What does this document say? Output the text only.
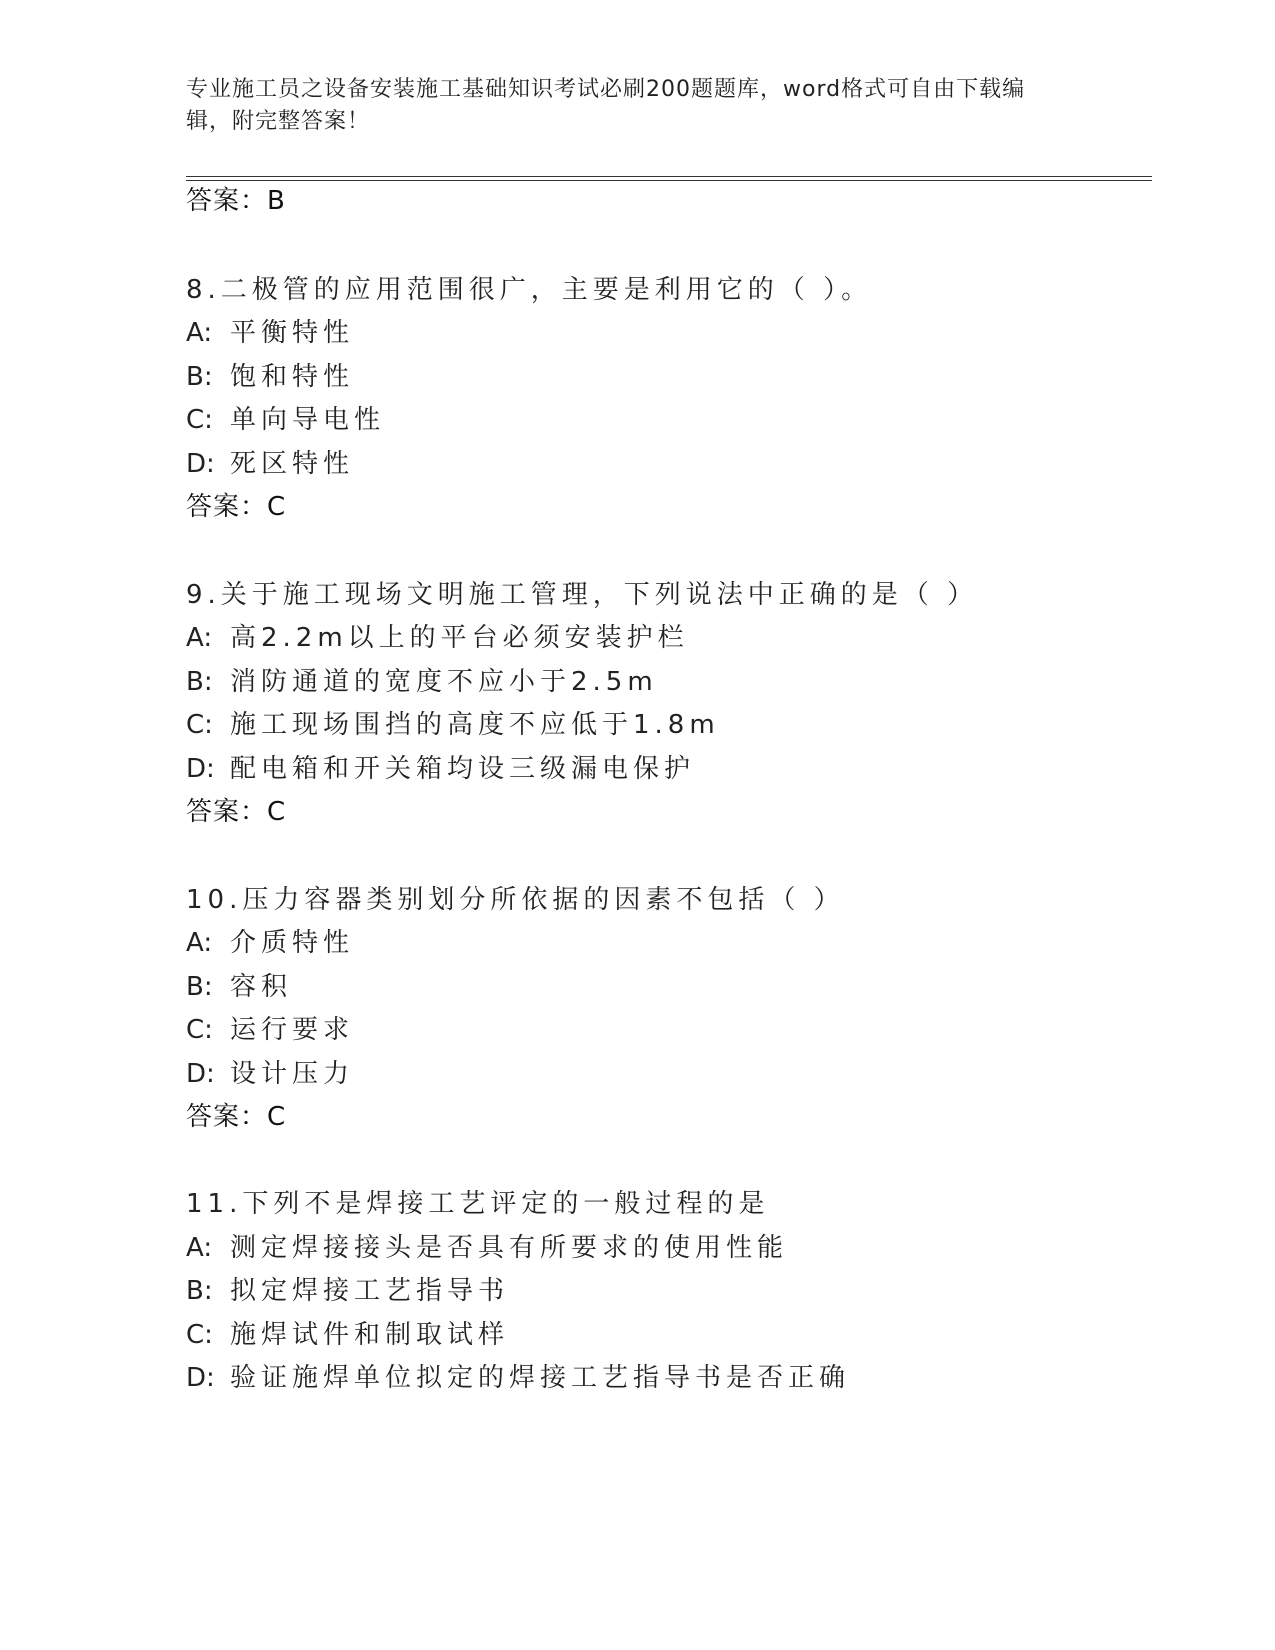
专业施工员之设备安装施工基础知识考试必刷200题题库，word格式可自由下载编辑，附完整答案！
答案：B
8.二极管的应用范围很广，主要是利用它的（ ）。
A: 平衡特性
B: 饱和特性
C: 单向导电性
D: 死区特性
答案：C
9.关于施工现场文明施工管理，下列说法中正确的是（ ）
A: 高2.2m以上的平台必须安装护栏
B: 消防通道的宽度不应小于2.5m
C: 施工现场围挡的高度不应低于1.8m
D: 配电箱和开关箱均设三级漏电保护
答案：C
10.压力容器类别划分所依据的因素不包括（ ）
A: 介质特性
B: 容积
C: 运行要求
D: 设计压力
答案：C
11.下列不是焊接工艺评定的一般过程的是
A: 测定焊接接头是否具有所要求的使用性能
B: 拟定焊接工艺指导书
C: 施焊试件和制取试样
D: 验证施焊单位拟定的焊接工艺指导书是否正确
